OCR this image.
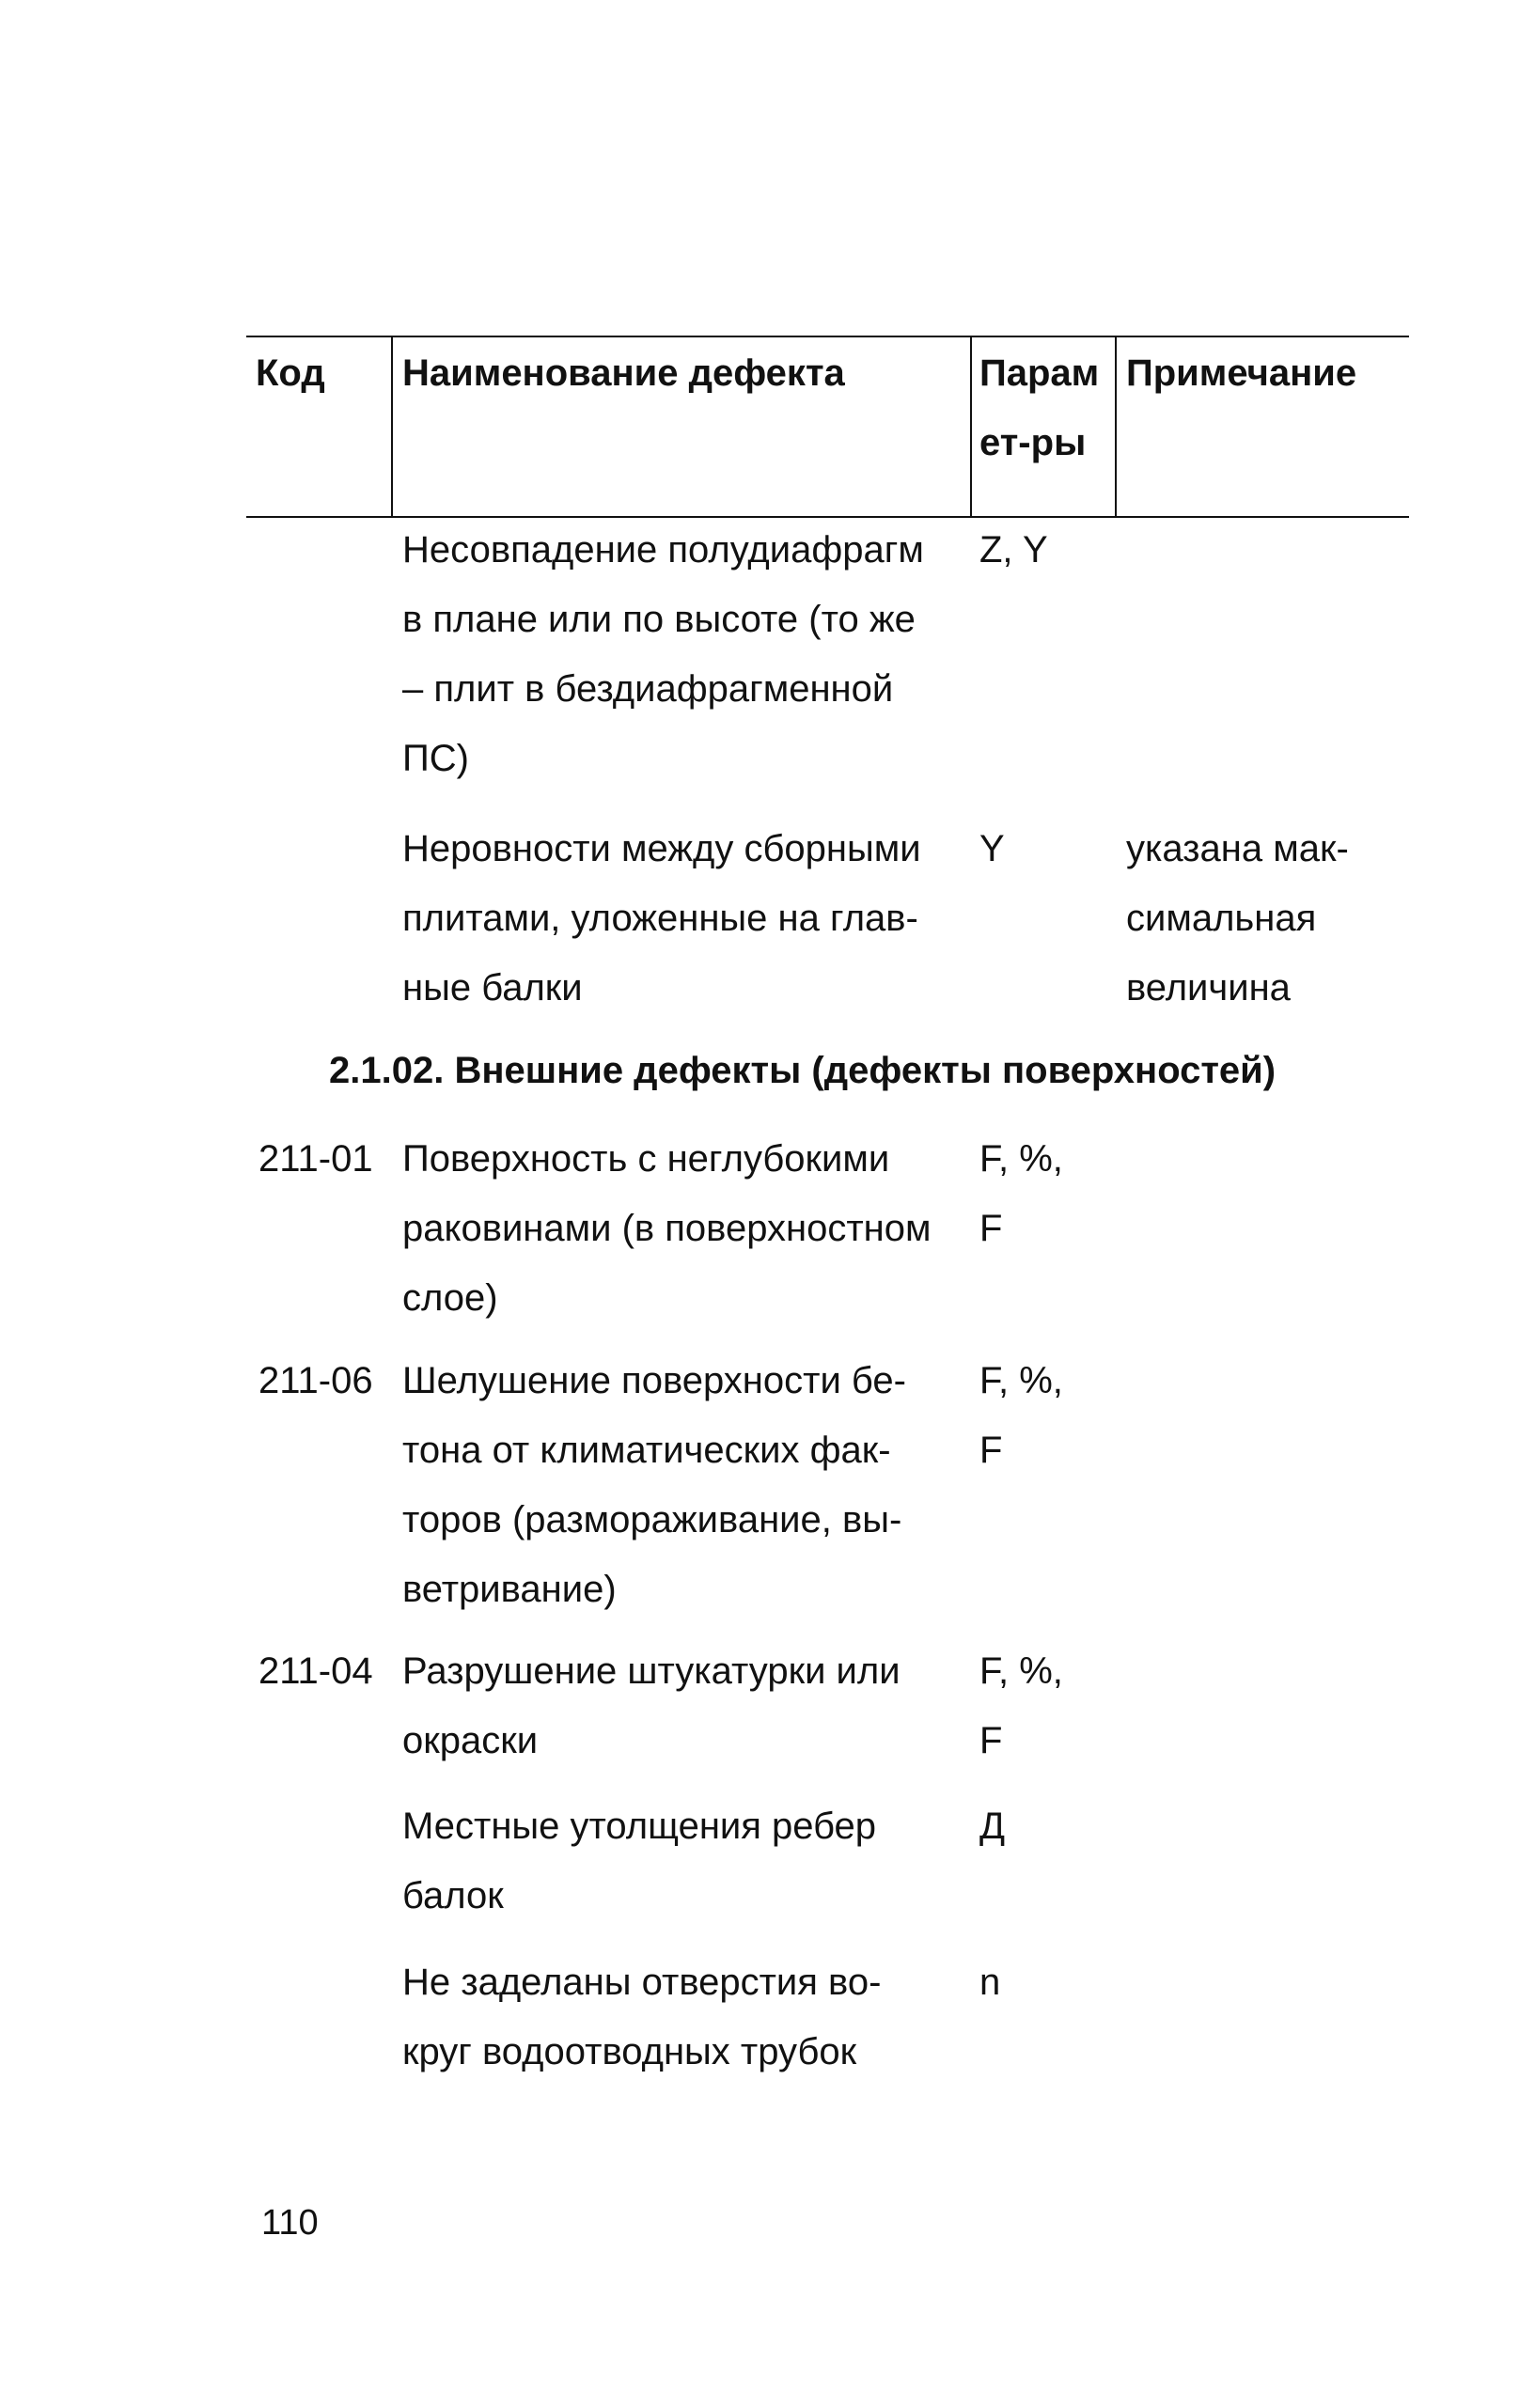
Код Наименование дефекта	Парам
ет-ры
Примечание
Несовпадение полудиафрагм
в плане или по высоте (то же
– плит в бездиафрагменной
ПС)
Z, Y
Неровности между сборными
плитами, уложенные на глав-
ные балки
Y	указана мак-
симальная
величина
2.1.02. Внешние дефекты (дефекты поверхностей)
211-01 Поверхность с неглубокими
раковинами (в поверхностном
слое)
F, %,
F
211-06 Шелушение поверхности бе-
тона от климатических фак-
торов (размораживание, вы-
ветривание)
F, %,
F
211-04 Разрушение штукатурки или
окраски
F, %,
F
Местные утолщения ребер
балок
Д
Не заделаны отверстия во-
круг водоотводных трубок
n
110
